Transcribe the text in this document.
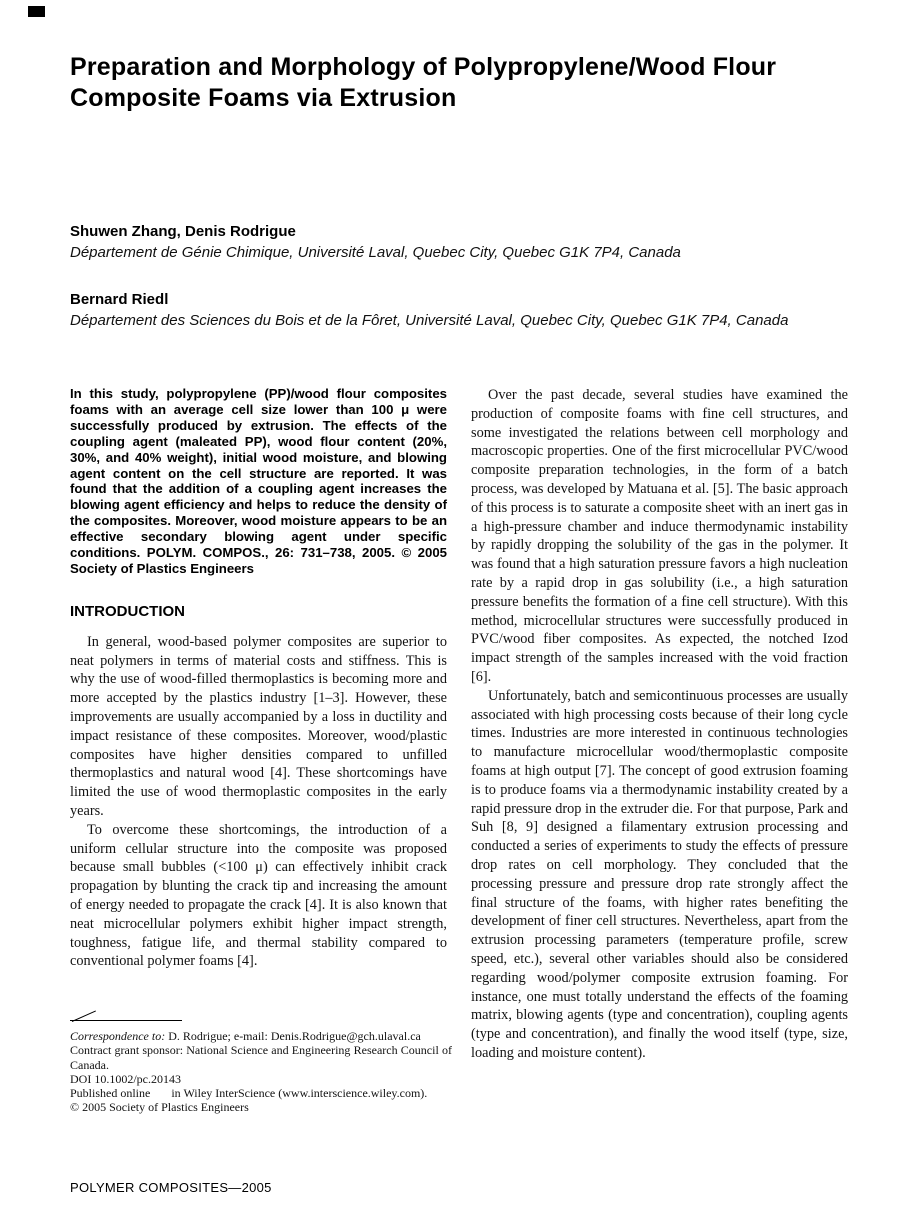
Preparation and Morphology of Polypropylene/Wood Flour Composite Foams via Extrusion
Shuwen Zhang, Denis Rodrigue
Département de Génie Chimique, Université Laval, Quebec City, Quebec G1K 7P4, Canada
Bernard Riedl
Département des Sciences du Bois et de la Fôret, Université Laval, Quebec City, Quebec G1K 7P4, Canada

In this study, polypropylene (PP)/wood flour composites foams with an average cell size lower than 100 μ were successfully produced by extrusion. The effects of the coupling agent (maleated PP), wood flour content (20%, 30%, and 40% weight), initial wood moisture, and blowing agent content on the cell structure are reported. It was found that the addition of a coupling agent increases the blowing agent efficiency and helps to reduce the density of the composites. Moreover, wood moisture appears to be an effective secondary blowing agent under specific conditions. POLYM. COMPOS., 26: 731–738, 2005. © 2005 Society of Plastics Engineers

INTRODUCTION

In general, wood-based polymer composites are superior to neat polymers in terms of material costs and stiffness. This is why the use of wood-filled thermoplastics is becoming more and more accepted by the plastics industry [1–3]. However, these improvements are usually accompanied by a loss in ductility and impact resistance of these composites. Moreover, wood/plastic composites have higher densities compared to unfilled thermoplastics and natural wood [4]. These shortcomings have limited the use of wood thermoplastic composites in the early years.

To overcome these shortcomings, the introduction of a uniform cellular structure into the composite was proposed because small bubbles (<100 μ) can effectively inhibit crack propagation by blunting the crack tip and increasing the amount of energy needed to propagate the crack [4]. It is also known that neat microcellular polymers exhibit higher impact strength, toughness, fatigue life, and thermal stability compared to conventional polymer foams [4].

Over the past decade, several studies have examined the production of composite foams with fine cell structures, and some investigated the relations between cell morphology and macroscopic properties. One of the first microcellular PVC/wood composite preparation technologies, in the form of a batch process, was developed by Matuana et al. [5]. The basic approach of this process is to saturate a composite sheet with an inert gas in a high-pressure chamber and induce thermodynamic instability by rapidly dropping the solubility of the gas in the polymer. It was found that a high saturation pressure favors a high nucleation rate by a rapid drop in gas solubility (i.e., a high saturation pressure benefits the formation of a fine cell structure). With this method, microcellular structures were successfully produced in PVC/wood fiber composites. As expected, the notched Izod impact strength of the samples increased with the void fraction [6].

Unfortunately, batch and semicontinuous processes are usually associated with high processing costs because of their long cycle times. Industries are more interested in continuous technologies to manufacture microcellular wood/thermoplastic composite foams at high output [7]. The concept of good extrusion foaming is to produce foams via a thermodynamic instability created by a rapid pressure drop in the extruder die. For that purpose, Park and Suh [8, 9] designed a filamentary extrusion processing and conducted a series of experiments to study the effects of pressure drop rates on cell morphology. They concluded that the processing pressure and pressure drop rate strongly affect the final structure of the foams, with higher rates benefiting the development of finer cell structures. Nevertheless, apart from the extrusion processing parameters (temperature profile, screw speed, etc.), several other variables should also be considered regarding wood/polymer composite extrusion foaming. For instance, one must totally understand the effects of the foaming matrix, blowing agents (type and concentration), coupling agents (type and concentration), and finally the wood itself (type, size, loading and moisture content).

Correspondence to: D. Rodrigue; e-mail: Denis.Rodrigue@gch.ulaval.ca

Contract grant sponsor: National Science and Engineering Research Council of Canada.

DOI 10.1002/pc.20143

Published online       in Wiley InterScience (www.interscience.wiley.com).

© 2005 Society of Plastics Engineers

POLYMER COMPOSITES—2005
